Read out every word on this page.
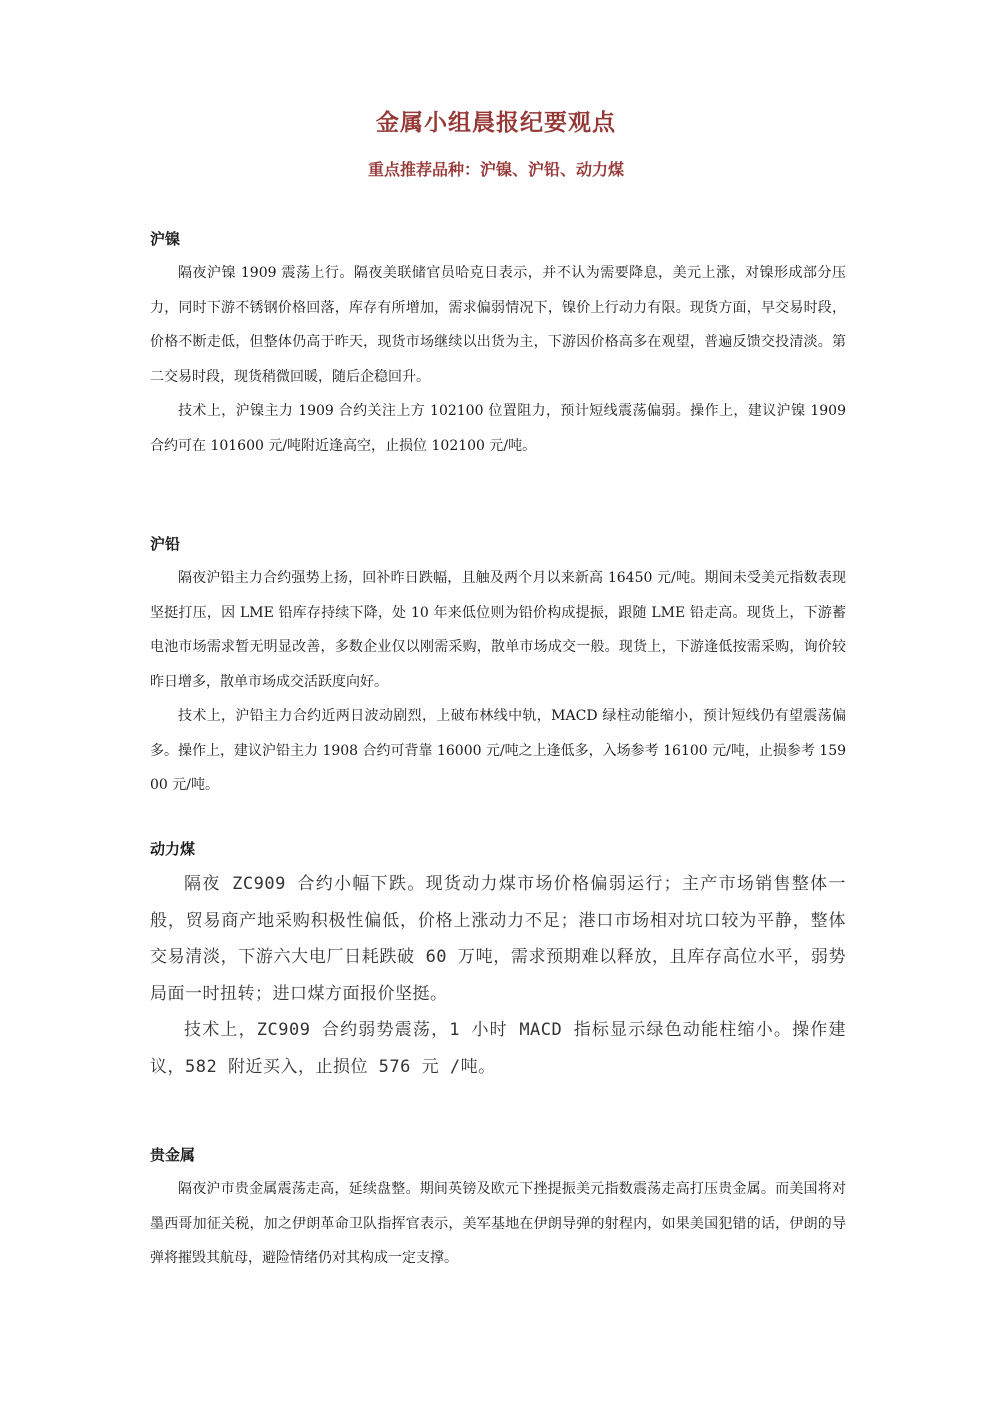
金属小组晨报纪要观点
重点推荐品种：沪镍、沪铅、动力煤
沪镍

隔夜沪镍 1909 震荡上行。隔夜美联储官员哈克日表示，并不认为需要降息，美元上涨，对镍形成部分压力，同时下游不锈钢价格回落，库存有所增加，需求偏弱情况下，镍价上行动力有限。现货方面，早交易时段，价格不断走低，但整体仍高于昨天，现货市场继续以出货为主，下游因价格高多在观望，普遍反馈交投清淡。第二交易时段，现货稍微回暖，随后企稳回升。

技术上，沪镍主力 1909 合约关注上方 102100 位置阻力，预计短线震荡偏弱。操作上，建议沪镍 1909 合约可在 101600 元/吨附近逢高空，止损位 102100 元/吨。

沪铅

隔夜沪铅主力合约强势上扬，回补昨日跌幅，且触及两个月以来新高 16450 元/吨。期间未受美元指数表现坚挺打压，因 LME 铅库存持续下降，处 10 年来低位则为铅价构成提振，跟随 LME 铅走高。现货上，下游蓄电池市场需求暂无明显改善，多数企业仅以刚需采购，散单市场成交一般。现货上，下游逢低按需采购，询价较昨日增多，散单市场成交活跃度向好。

技术上，沪铅主力合约近两日波动剧烈，上破布林线中轨，MACD 绿柱动能缩小，预计短线仍有望震荡偏多。操作上，建议沪铅主力 1908 合约可背靠 16000 元/吨之上逢低多，入场参考 16100 元/吨，止损参考 15900 元/吨。

动力煤

隔夜 ZC909 合约小幅下跌。现货动力煤市场价格偏弱运行；主产市场销售整体一般，贸易商产地采购积极性偏低，价格上涨动力不足；港口市场相对坑口较为平静，整体交易清淡，下游六大电厂日耗跌破 60 万吨，需求预期难以释放，且库存高位水平，弱势局面一时扭转；进口煤方面报价坚挺。

技术上，ZC909 合约弱势震荡，1 小时 MACD 指标显示绿色动能柱缩小。操作建议，582 附近买入，止损位 576 元 /吨。

贵金属

隔夜沪市贵金属震荡走高，延续盘整。期间英镑及欧元下挫提振美元指数震荡走高打压贵金属。而美国将对墨西哥加征关税，加之伊朗革命卫队指挥官表示，美军基地在伊朗导弹的射程内，如果美国犯错的话，伊朗的导弹将摧毁其航母，避险情绪仍对其构成一定支撑。
